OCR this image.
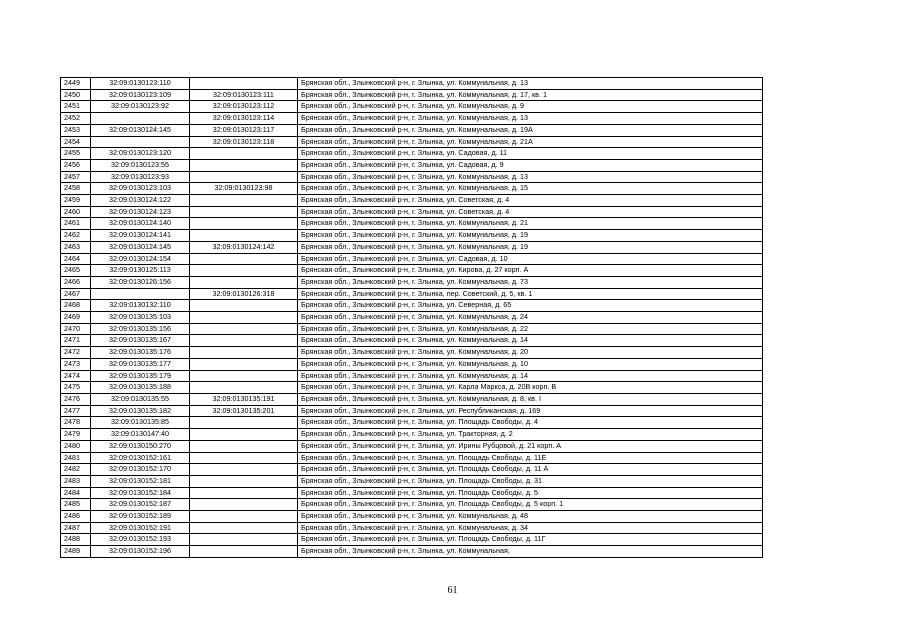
2449	32:09:0130123:110		Брянская обл., Злынковский р-н, г. Злынка, ул. Коммунальная, д. 13
2450	32:09:0130123:109	32:09:0130123:111	Брянская обл., Злынковский р-н, г. Злынка, ул. Коммунальная, д. 17, кв. 1
2451	32:09:0130123:92	32:09:0130123:112	Брянская обл., Злынковский р-н, г. Злынка, ул. Коммунальная, д. 9
2452		32:09:0130123:114	Брянская обл., Злынковский р-н, г. Злынка, ул. Коммунальная, д. 13
2453	32:09:0130124:145	32:09:0130123:117	Брянская обл., Злынковский р-н, г. Злынка, ул. Коммунальная, д. 19А
2454		32:09:0130123:118	Брянская обл., Злынковский р-н, г. Злынка, ул. Коммунальная, д. 21А
2455	32:09:0130123:120		Брянская обл., Злынковский р-н, г. Злынка, ул. Садовая, д. 11
2456	32:09:0130123:55		Брянская обл., Злынковский р-н, г. Злынка, ул. Садовая, д. 9
2457	32:09:0130123:93		Брянская обл., Злынковский р-н, г. Злынка, ул. Коммунальная, д. 13
2458	32:09:0130123:103	32:09:0130123:98	Брянская обл., Злынковский р-н, г. Злынка, ул. Коммунальная, д. 15
2459	32:09:0130124:122		Брянская обл., Злынковский р-н, г. Злынка, ул. Советская, д. 4
2460	32:09:0130124:123		Брянская обл., Злынковский р-н, г. Злынка, ул. Советская, д. 4
2461	32:09:0130124:140		Брянская обл., Злынковский р-н, г. Злынка, ул. Коммунальная, д. 21
2462	32:09:0130124:141		Брянская обл., Злынковский р-н, г. Злынка, ул. Коммунальная, д. 19
2463	32:09:0130124:145	32:09:0130124:142	Брянская обл., Злынковский р-н, г. Злынка, ул. Коммунальная, д. 19
2464	32:09:0130124:154		Брянская обл., Злынковский р-н, г. Злынка, ул. Садовая, д. 10
2465	32:09:0130125:113		Брянская обл., Злынковский р-н, г. Злынка, ул. Кирова, д. 27 корп. А
2466	32:09:0130126:156		Брянская обл., Злынковский р-н, г. Злынка, ул. Коммунальная, д. 73
2467		32:09:0130126:318	Брянская обл., Злынковский р-н, г. Злынка, пер. Советский, д. 5, кв. 1
2468	32:09:0130132:110		Брянская обл., Злынковский р-н, г. Злынка, ул. Северная, д. 65
2469	32:09:0130135:103		Брянская обл., Злынковский р-н, г. Злынка, ул. Коммунальная, д. 24
2470	32:09:0130135:156		Брянская обл., Злынковский р-н, г. Злынка, ул. Коммунальная, д. 22
2471	32:09:0130135:167		Брянская обл., Злынковский р-н, г. Злынка, ул. Коммунальная, д. 14
2472	32:09:0130135:176		Брянская обл., Злынковский р-н, г. Злынка, ул. Коммунальная, д. 20
2473	32:09:0130135:177		Брянская обл., Злынковский р-н, г. Злынка, ул. Коммунальная, д. 10
2474	32:09:0130135:179		Брянская обл., Злынковский р-н, г. Злынка, ул. Коммунальная, д. 14
2475	32:09:0130135:188		Брянская обл., Злынковский р-н, г. Злынка, ул. Карла Маркса, д. 20В корп. В
2476	32:09:0130135:55	32:09:0130135:191	Брянская обл., Злынковский р-н, г. Злынка, ул. Коммунальная, д. 8, кв. I
2477	32:09:0130135:182	32:09:0130135:201	Брянская обл., Злынковский р-н, г. Злынка, ул. Республиканская, д. 169
2478	32:09:0130135:85		Брянская обл., Злынковский р-н, г. Злынка, ул. Площадь Свободы, д. 4
2479	32:09:0130147:40		Брянская обл., Злынковский р-н, г. Злынка, ул. Тракторная, д. 2
2480	32:09:0130150:270		Брянская обл., Злынковский р-н, г. Злынка, ул. Ирины Рубцовой, д. 21 корп. А
2481	32:09:0130152:161		Брянская обл., Злынковский р-н, г. Злынка, ул. Площадь Свободы, д. 11Е
2482	32:09:0130152:170		Брянская обл., Злынковский р-н, г. Злынка, ул. Площадь Свободы, д. 11 А
2483	32:09:0130152:181		Брянская обл., Злынковский р-н, г. Злынка, ул. Площадь Свободы, д. 31
2484	32:09:0130152:184		Брянская обл., Злынковский р-н, г. Злынка, ул. Площадь Свободы, д. 5
2485	32:09:0130152:187		Брянская обл., Злынковский р-н, г. Злынка, ул. Площадь Свободы, д. 5 корп. 1
2486	32:09:0130152:189		Брянская обл., Злынковский р-н, г. Злынка, ул. Коммунальная, д. 48
2487	32:09:0130152:191		Брянская обл., Злынковский р-н, г. Злынка, ул. Коммунальная, д. 34
2488	32:09:0130152:193		Брянская обл., Злынковский р-н, г. Злынка, ул. Площадь Свободы, д. 11Г
2489	32:09:0130152:196		Брянская обл., Злынковский р-н, г. Злынка, ул. Коммунальная,
61
